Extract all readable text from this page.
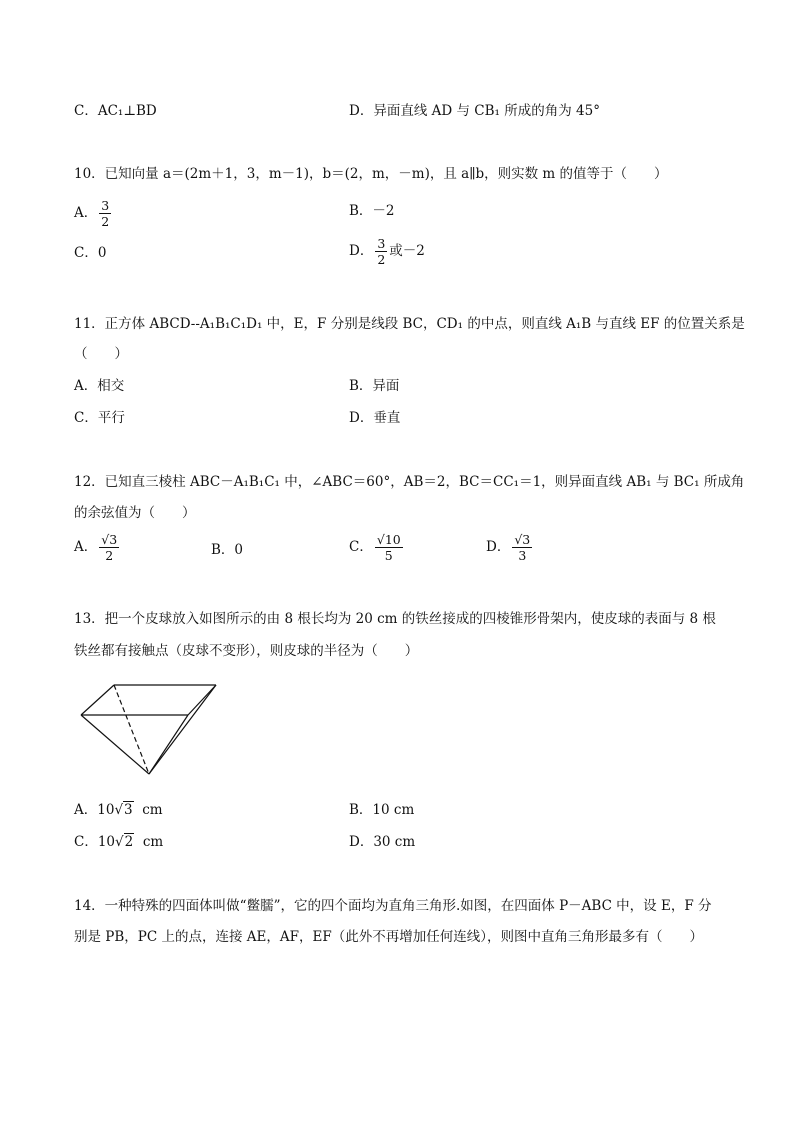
C．AC₁⊥BD	D．异面直线 AD 与 CB₁ 所成的角为 45°
10．已知向量 a＝(2m＋1，3，m－1)，b＝(2，m，－m)，且 a∥b，则实数 m 的值等于（　　）
A． $\frac{3}{2}$	B．－2
C．0	D． $\frac{3}{2}$ 或－2
11．正方体 ABCD--A₁B₁C₁D₁ 中，E，F 分别是线段 BC，CD₁ 的中点，则直线 A₁B 与直线 EF 的位置关系是
（　　）
A．相交	B．异面
C．平行	D．垂直
12．已知直三棱柱 ABC－A₁B₁C₁ 中，∠ABC＝60°，AB＝2，BC＝CC₁＝1，则异面直线 AB₁ 与 BC₁ 所成角
的余弦值为（　　）
A． $\frac{√3}{2}$	B．0	C． $\frac{√10}{5}$	D． $\frac{√3}{3}$
13．把一个皮球放入如图所示的由 8 根长均为 20 cm 的铁丝接成的四棱锥形骨架内，使皮球的表面与 8 根
铁丝都有接触点（皮球不变形），则皮球的半径为（　　）
A．10√3 cm	B．10 cm
C．10√2 cm	D．30 cm
14．一种特殊的四面体叫做“鳖臑”，它的四个面均为直角三角形.如图，在四面体 P－ABC 中，设 E，F 分
别是 PB，PC 上的点，连接 AE，AF，EF（此外不再增加任何连线），则图中直角三角形最多有（　　）
